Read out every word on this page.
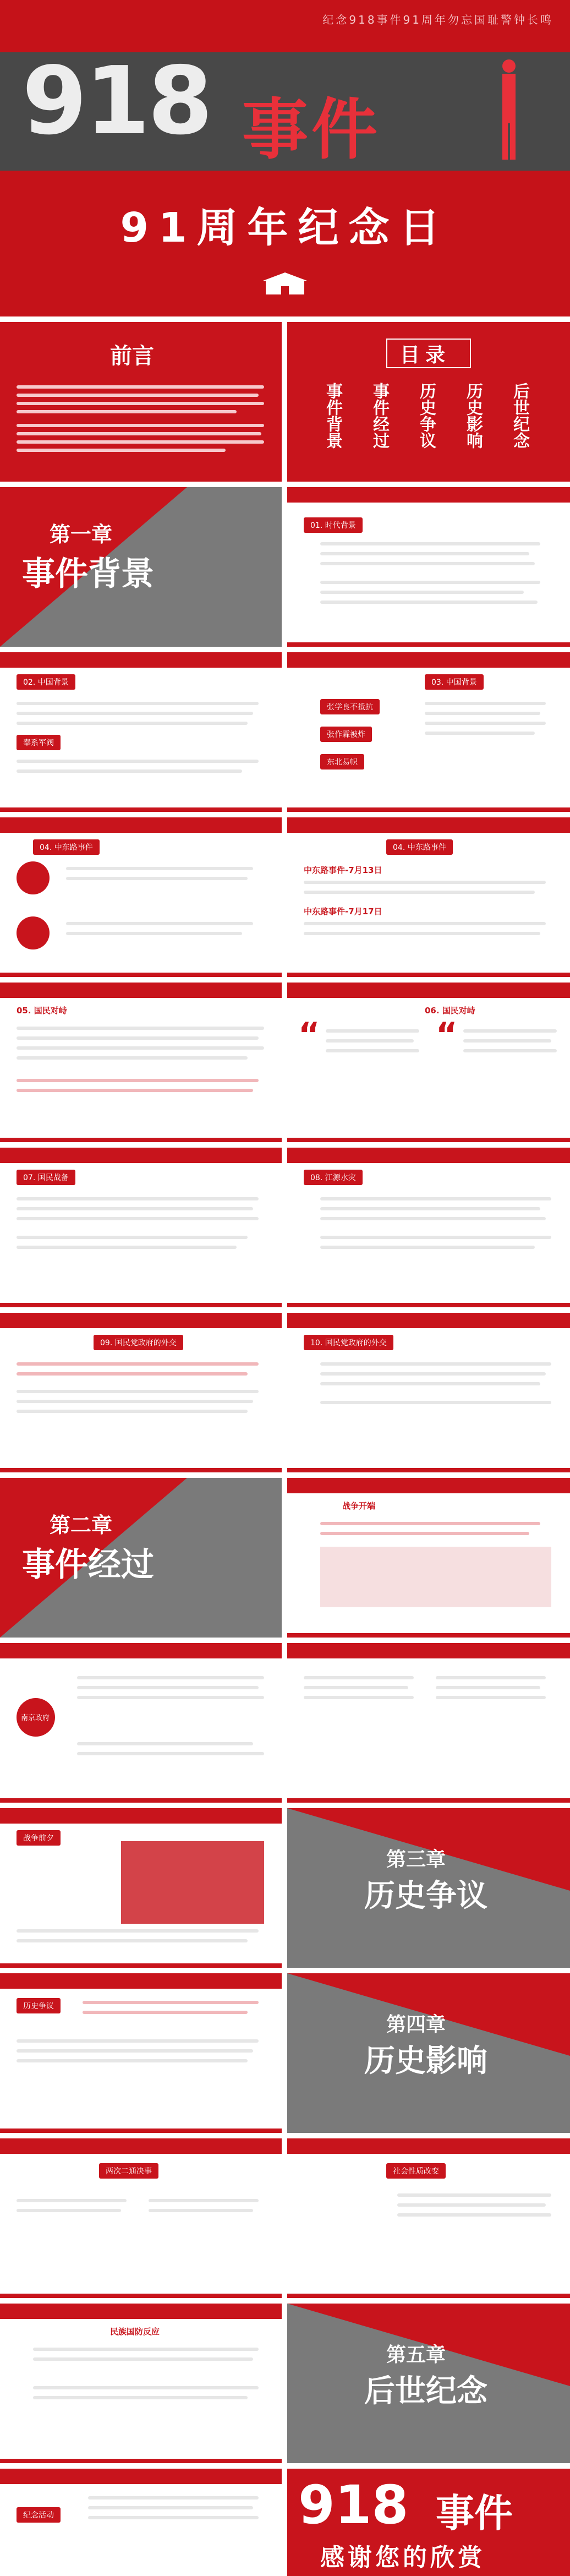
纪念918事件91周年勿忘国耻警钟长鸣
918 事件
91周年纪念日
前言	目录
事件背景 事件经过 历史争议 历史影响 后世纪念
第一章
事件背景
01. 时代背景
02. 中国背景
奉系军阀
03. 中国背景
张学良不抵抗
张作霖被炸
东北易帜
04. 中东路事件	04. 中东路事件
中东路事件-7月13日
中东路事件-7月17日
05. 国民对峙	06. 国民对峙
“	“
07. 国民战备	08. 江源水灾
09. 国民党政府的外交	10. 国民党政府的外交
第二章
事件经过
战争开端
南京政府
战争前夕
第三章
历史争议
历史争议
第四章
历史影响
两次二通决事	社会性质改变
民族国防反应
第五章
后世纪念
纪念活动	918 事件
感谢您的欣赏
